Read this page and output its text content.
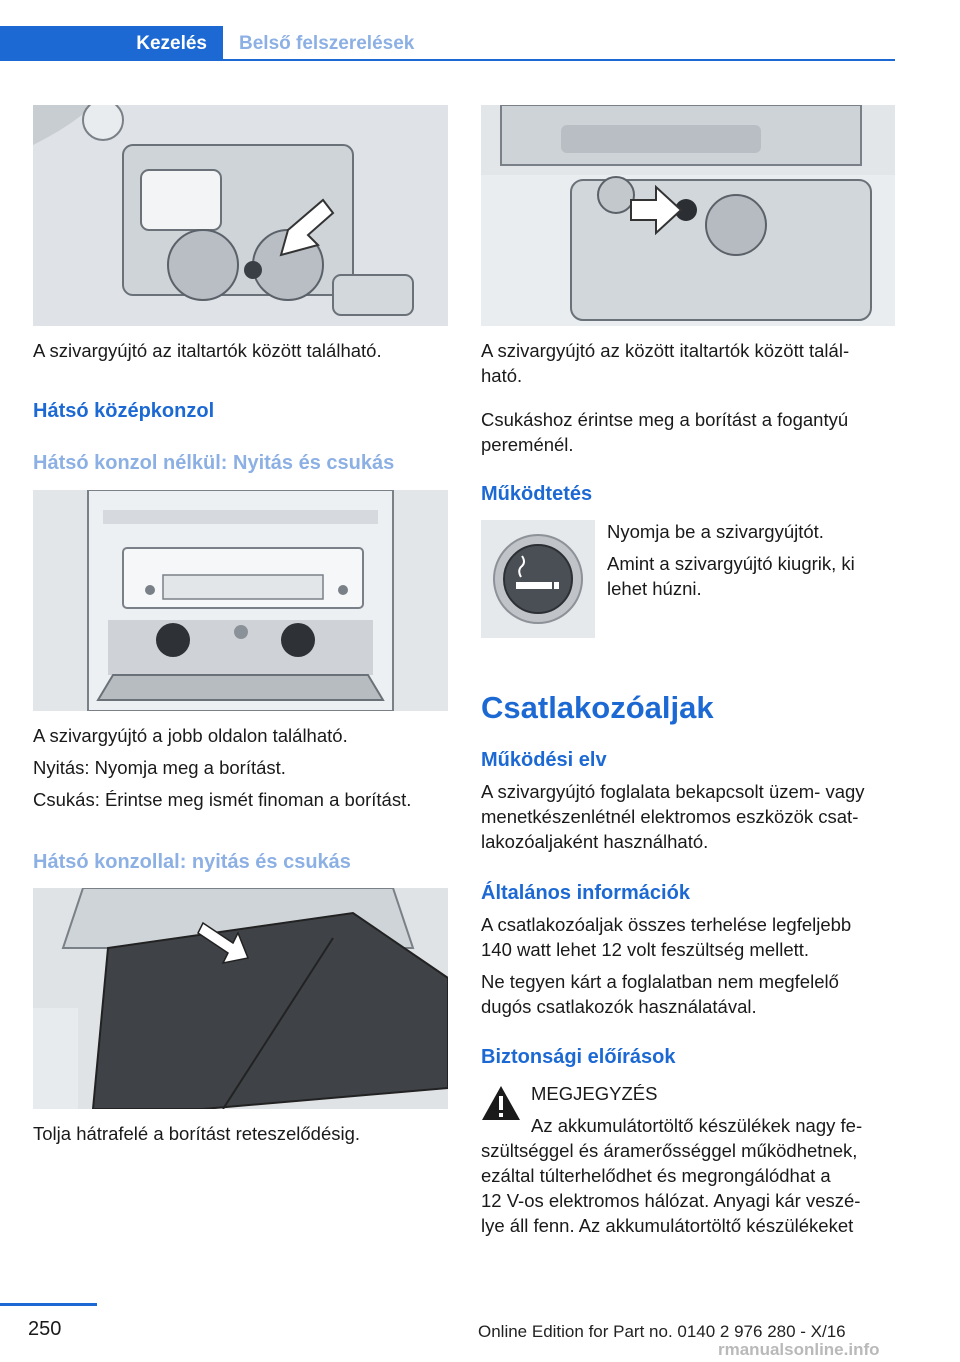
Kezelés	Belső felszerelések
A szivargyújtó az italtartók között található.
Hátsó középkonzol
Hátsó konzol nélkül: Nyitás és csukás
A szivargyújtó a jobb oldalon található.
Nyitás: Nyomja meg a borítást.
Csukás: Érintse meg ismét finoman a borítást.
Hátsó konzollal: nyitás és csukás
Tolja hátrafelé a borítást reteszelődésig.
A szivargyújtó az között italtartók között talál-
ható.
Csukáshoz érintse meg a borítást a fogantyú
pereménél.
Működtetés
Nyomja be a szivargyújtót.
Amint a szivargyújtó kiugrik, ki
lehet húzni.
Csatlakozóaljak
Működési elv
A szivargyújtó foglalata bekapcsolt üzem- vagy
menetkészenlétnél elektromos eszközök csat-
lakozóaljaként használható.
Általános információk
A csatlakozóaljak összes terhelése legfeljebb
140 watt lehet 12 volt feszültség mellett.
Ne tegyen kárt a foglalatban nem megfelelő
dugós csatlakozók használatával.
Biztonsági előírások
MEGJEGYZÉS
Az akkumulátortöltő készülékek nagy fe-
szültséggel és áramerősséggel működhetnek,
ezáltal túlterhelődhet és megrongálódhat a
12 V-os elektromos hálózat. Anyagi kár veszé-
lye áll fenn. Az akkumulátortöltő készülékeket
250	Online Edition for Part no. 0140 2 976 280 - X/16
rmanualsonline.info
